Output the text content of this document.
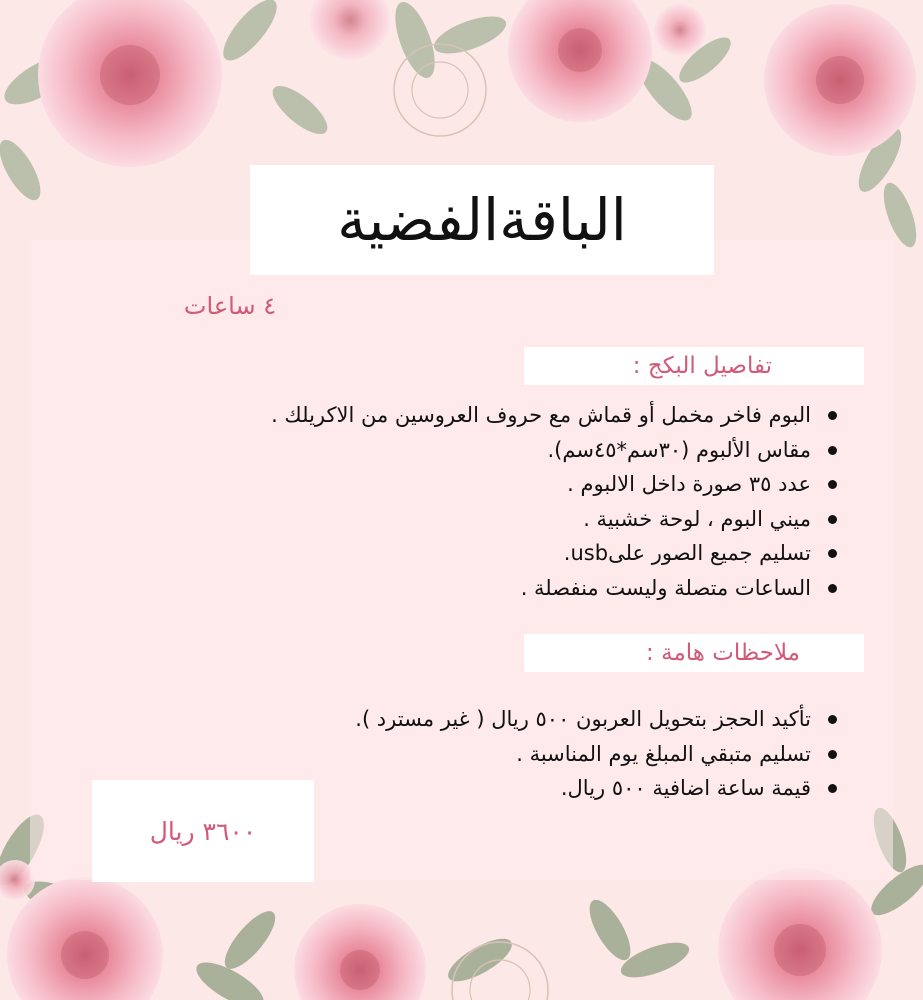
الباقةالفضية
٤ ساعات
تفاصيل البكج :
البوم فاخر مخمل أو قماش مع حروف العروسين من الاكريلك .
مقاس الألبوم (٣٠سم*٤٥سم).
عدد ٣٥ صورة داخل الالبوم .
ميني البوم ، لوحة خشبية .
تسليم جميع الصور علىusb.
الساعات متصلة وليست منفصلة .
ملاحظات هامة :
تأكيد الحجز بتحويل العربون ٥٠٠ ريال ( غير مسترد ).
تسليم متبقي المبلغ يوم المناسبة .
قيمة ساعة اضافية ٥٠٠ ريال.
٣٦٠٠ ريال
